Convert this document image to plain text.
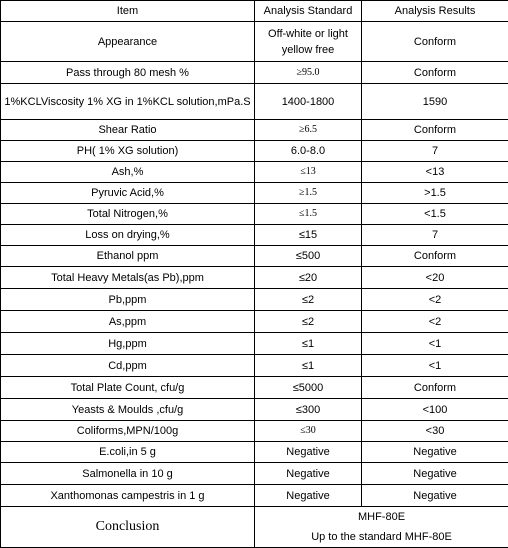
Item	Analysis Standard	Analysis Results
Appearance	Off-white or light yellow free	Conform
Pass through 80 mesh %	≥95.0	Conform
1%KCLViscosity 1% XG in 1%KCL solution,mPa.S	1400-1800	1590
Shear Ratio	≥6.5	Conform
PH( 1% XG solution)	6.0-8.0	7
Ash,%	≤13	<13
Pyruvic Acid,%	≥1.5	>1.5
Total Nitrogen,%	≤1.5	<1.5
Loss on drying,%	≤15	7
Ethanol ppm	≤500	Conform
Total Heavy Metals(as Pb),ppm	≤20	<20
Pb,ppm	≤2	<2
As,ppm	≤2	<2
Hg,ppm	≤1	<1
Cd,ppm	≤1	<1
Total Plate Count, cfu/g	≤5000	Conform
Yeasts & Moulds ,cfu/g	≤300	<100
Coliforms,MPN/100g	≤30	<30
E.coli,in 5 g	Negative	Negative
Salmonella in 10 g	Negative	Negative
Xanthomonas campestris in 1 g	Negative	Negative
Conclusion	MHF-80E
Up to the standard MHF-80E	
